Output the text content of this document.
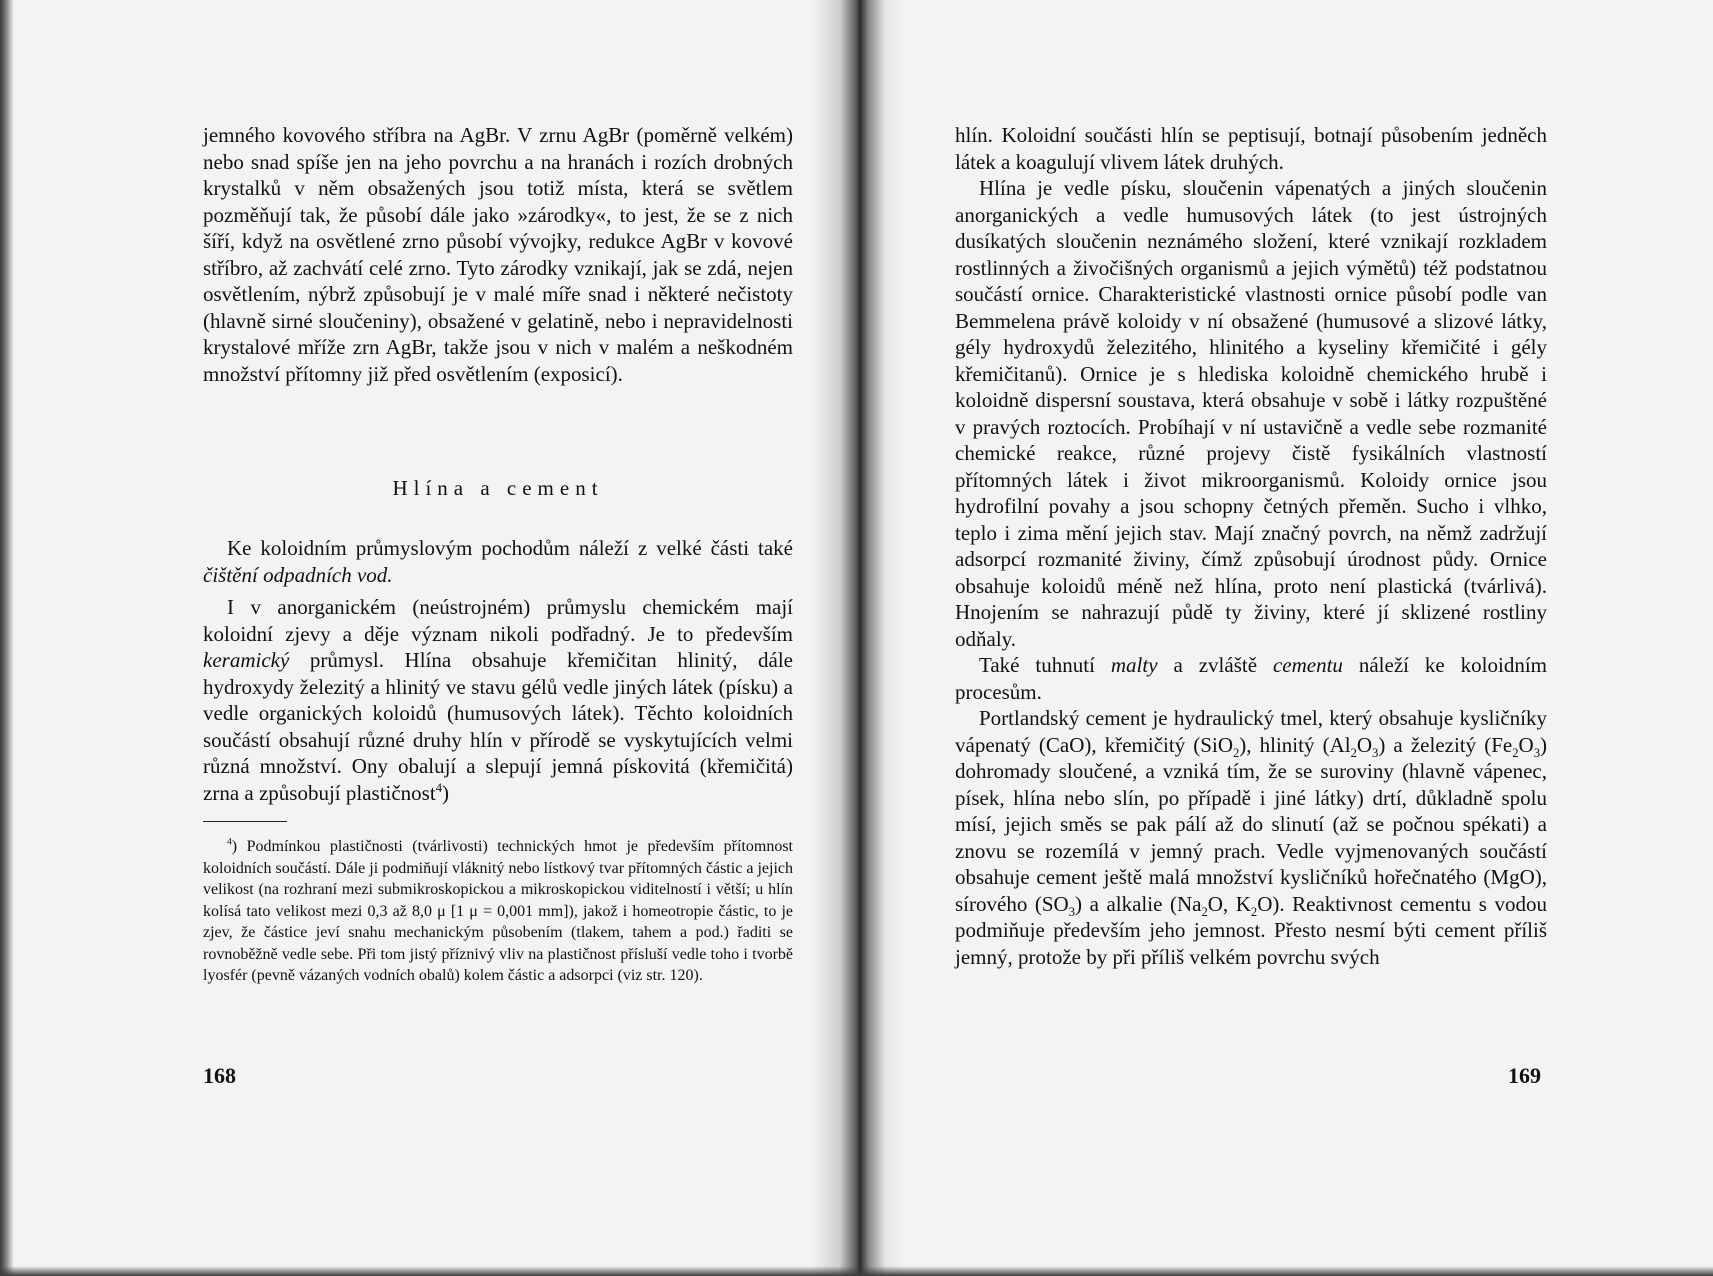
jemného kovového stříbra na AgBr. V zrnu AgBr (poměrně velkém) nebo snad spíše jen na jeho povrchu a na hranách i rozích drobných krystalků v něm obsažených jsou totiž místa, která se světlem pozměňují tak, že působí dále jako »zárodky«, to jest, že se z nich šíří, když na osvětlené zrno působí vývojky, redukce AgBr v kovové stříbro, až zachvátí celé zrno. Tyto zárodky vznikají, jak se zdá, nejen osvětlením, nýbrž způsobují je v malé míře snad i některé nečistoty (hlavně sirné sloučeniny), obsažené v gelatině, nebo i nepravidelnosti krystalové mříže zrn AgBr, takže jsou v nich v malém a neškodném množství přítomny již před osvětlením (exposicí).

Hlína a cement

Ke koloidním průmyslovým pochodům náleží z velké části také čištění odpadních vod.

I v anorganickém (neústrojném) průmyslu chemickém mají koloidní zjevy a děje význam nikoli podřadný. Je to především keramický průmysl. Hlína obsahuje křemičitan hlinitý, dále hydroxydy železitý a hlinitý ve stavu gélů vedle jiných látek (písku) a vedle organických koloidů (humusových látek). Těchto koloidních součástí obsahují různé druhy hlín v přírodě se vyskytujících velmi různá množství. Ony obalují a slepují jemná pískovitá (křemičitá) zrna a způsobují plastičnost$^4$)

$^4$) Podmínkou plastičnosti (tvárlivosti) technických hmot je především přítomnost koloidních součástí. Dále ji podmiňují vláknitý nebo lístkový tvar přítomných částic a jejich velikost (na rozhraní mezi submikroskopickou a mikroskopickou viditelností i větší; u hlín kolísá tato velikost mezi 0,3 až 8,0 μ [1 μ = 0,001 mm]), jakož i homeotropie částic, to je zjev, že částice jeví snahu mechanickým působením (tlakem, tahem a pod.) řaditi se rovnoběžně vedle sebe. Při tom jistý příznivý vliv na plastičnost přísluší vedle toho i tvorbě lyosfér (pevně vázaných vodních obalů) kolem částic a adsorpci (viz str. 120).

168

hlín. Koloidní součásti hlín se peptisují, botnají působením jedněch látek a koagulují vlivem látek druhých.

Hlína je vedle písku, sloučenin vápenatých a jiných sloučenin anorganických a vedle humusových látek (to jest ústrojných dusíkatých sloučenin neznámého složení, které vznikají rozkladem rostlinných a živočišných organismů a jejich výmětů) též podstatnou součástí ornice. Charakteristické vlastnosti ornice působí podle van Bemmelena právě koloidy v ní obsažené (humusové a slizové látky, gély hydroxydů železitého, hlinitého a kyseliny křemičité i gély křemičitanů). Ornice je s hlediska koloidně chemického hrubě i koloidně dispersní soustava, která obsahuje v sobě i látky rozpuštěné v pravých roztocích. Probíhají v ní ustavičně a vedle sebe rozmanité chemické reakce, různé projevy čistě fysikálních vlastností přítomných látek i život mikroorganismů. Koloidy ornice jsou hydrofilní povahy a jsou schopny četných přeměn. Sucho i vlhko, teplo i zima mění jejich stav. Mají značný povrch, na němž zadržují adsorpcí rozmanité živiny, čímž způsobují úrodnost půdy. Ornice obsahuje koloidů méně než hlína, proto není plastická (tvárlivá). Hnojením se nahrazují půdě ty živiny, které jí sklizené rostliny odňaly.

Také tuhnutí malty a zvláště cementu náleží ke koloidním procesům.

Portlandský cement je hydraulický tmel, který obsahuje kysličníky vápenatý (CaO), křemičitý (SiO$_2$), hlinitý $(Al_2O_3)$ a železitý $(Fe_2O_3)$ dohromady sloučené, a vzniká tím, že se suroviny (hlavně vápenec, písek, hlína nebo slín, po případě i jiné látky) drtí, důkladně spolu mísí, jejich směs se pak pálí až do slinutí (až se počnou spékati) a znovu se rozemílá v jemný prach. Vedle vyjmenovaných součástí obsahuje cement ještě malá množství kysličníků hořečnatého (MgO), sírového $(SO_3)$ a alkalie ($Na_2O$, $K_2O$). Reaktivnost cementu s vodou podmiňuje především jeho jemnost. Přesto nesmí býti cement příliš jemný, protože by při příliš velkém povrchu svých

169
